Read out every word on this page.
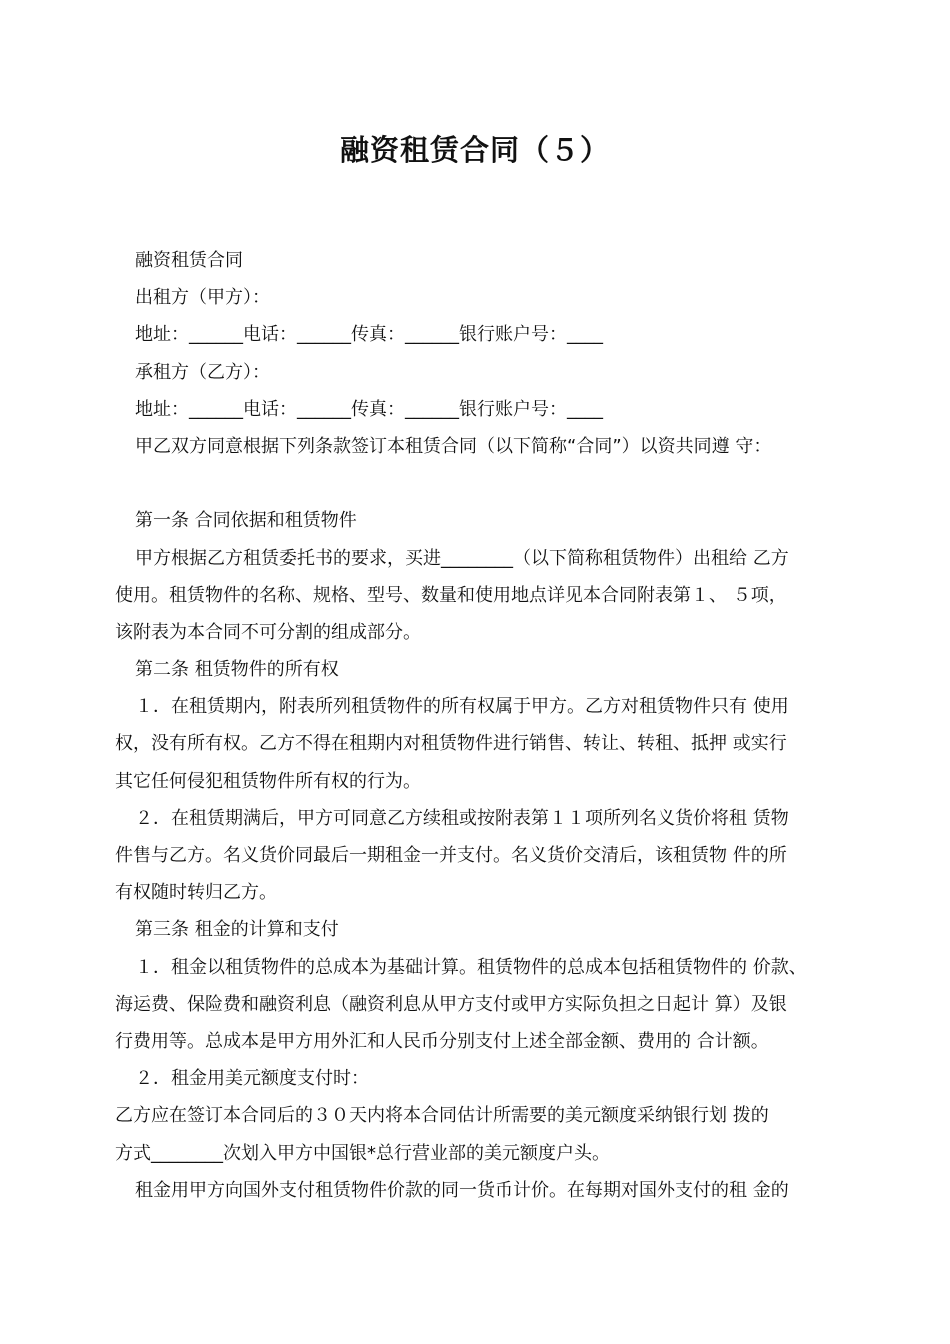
融资租赁合同（５）
融资租赁合同
出租方（甲方）：
地址：______电话：______传真：______银行账户号：____
承租方（乙方）：
地址：______电话：______传真：______银行账户号：____
甲乙双方同意根据下列条款签订本租赁合同（以下简称“合同”）以资共同遵 守：
第一条 合同依据和租赁物件
甲方根据乙方租赁委托书的要求，买进________（以下简称租赁物件）出租给 乙方
使用。租赁物件的名称、规格、型号、数量和使用地点详见本合同附表第１、 ５项，
该附表为本合同不可分割的组成部分。
第二条 租赁物件的所有权
１．在租赁期内，附表所列租赁物件的所有权属于甲方。乙方对租赁物件只有 使用
权，没有所有权。乙方不得在租期内对租赁物件进行销售、转让、转租、抵押 或实行
其它任何侵犯租赁物件所有权的行为。
２．在租赁期满后，甲方可同意乙方续租或按附表第１１项所列名义货价将租 赁物
件售与乙方。名义货价同最后一期租金一并支付。名义货价交清后，该租赁物 件的所
有权随时转归乙方。
第三条 租金的计算和支付
１．租金以租赁物件的总成本为基础计算。租赁物件的总成本包括租赁物件的 价款、
海运费、保险费和融资利息（融资利息从甲方支付或甲方实际负担之日起计 算）及银
行费用等。总成本是甲方用外汇和人民币分别支付上述全部金额、费用的 合计额。
２．租金用美元额度支付时：
乙方应在签订本合同后的３０天内将本合同估计所需要的美元额度采纳银行划 拨的
方式________次划入甲方中国银*总行营业部的美元额度户头。
租金用甲方向国外支付租赁物件价款的同一货币计价。在每期对国外支付的租 金的
